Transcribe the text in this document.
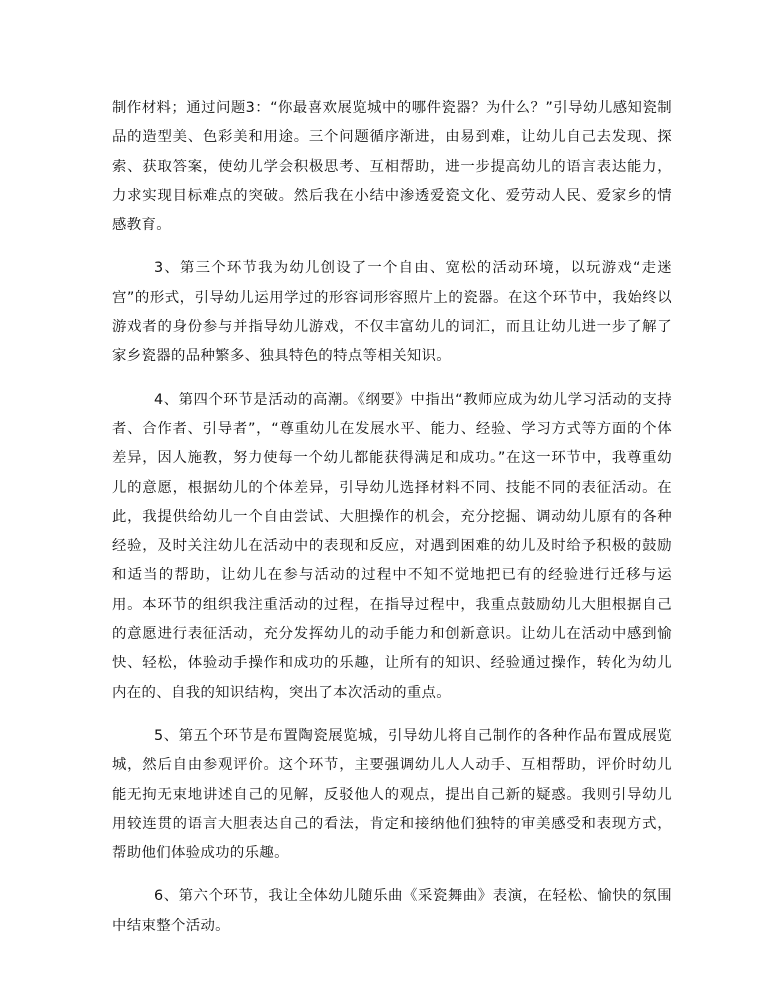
制作材料；通过问题3：“你最喜欢展览城中的哪件瓷器？为什么？”引导幼儿感知瓷制品的造型美、色彩美和用途。三个问题循序渐进，由易到难，让幼儿自己去发现、探索、获取答案，使幼儿学会积极思考、互相帮助，进一步提高幼儿的语言表达能力，力求实现目标难点的突破。然后我在小结中渗透爱瓷文化、爱劳动人民、爱家乡的情感教育。

3、第三个环节我为幼儿创设了一个自由、宽松的活动环境，以玩游戏“走迷宫”的形式，引导幼儿运用学过的形容词形容照片上的瓷器。在这个环节中，我始终以游戏者的身份参与并指导幼儿游戏，不仅丰富幼儿的词汇，而且让幼儿进一步了解了家乡瓷器的品种繁多、独具特色的特点等相关知识。

4、第四个环节是活动的高潮。《纲要》中指出“教师应成为幼儿学习活动的支持者、合作者、引导者”，“尊重幼儿在发展水平、能力、经验、学习方式等方面的个体差异，因人施教，努力使每一个幼儿都能获得满足和成功。”在这一环节中，我尊重幼儿的意愿，根据幼儿的个体差异，引导幼儿选择材料不同、技能不同的表征活动。在此，我提供给幼儿一个自由尝试、大胆操作的机会，充分挖掘、调动幼儿原有的各种经验，及时关注幼儿在活动中的表现和反应，对遇到困难的幼儿及时给予积极的鼓励和适当的帮助，让幼儿在参与活动的过程中不知不觉地把已有的经验进行迁移与运用。本环节的组织我注重活动的过程，在指导过程中，我重点鼓励幼儿大胆根据自己的意愿进行表征活动，充分发挥幼儿的动手能力和创新意识。让幼儿在活动中感到愉快、轻松，体验动手操作和成功的乐趣，让所有的知识、经验通过操作，转化为幼儿内在的、自我的知识结构，突出了本次活动的重点。

5、第五个环节是布置陶瓷展览城，引导幼儿将自己制作的各种作品布置成展览城，然后自由参观评价。这个环节，主要强调幼儿人人动手、互相帮助，评价时幼儿能无拘无束地讲述自己的见解，反驳他人的观点，提出自己新的疑惑。我则引导幼儿用较连贯的语言大胆表达自己的看法，肯定和接纳他们独特的审美感受和表现方式，帮助他们体验成功的乐趣。

6、第六个环节，我让全体幼儿随乐曲《采瓷舞曲》表演，在轻松、愉快的氛围中结束整个活动。
